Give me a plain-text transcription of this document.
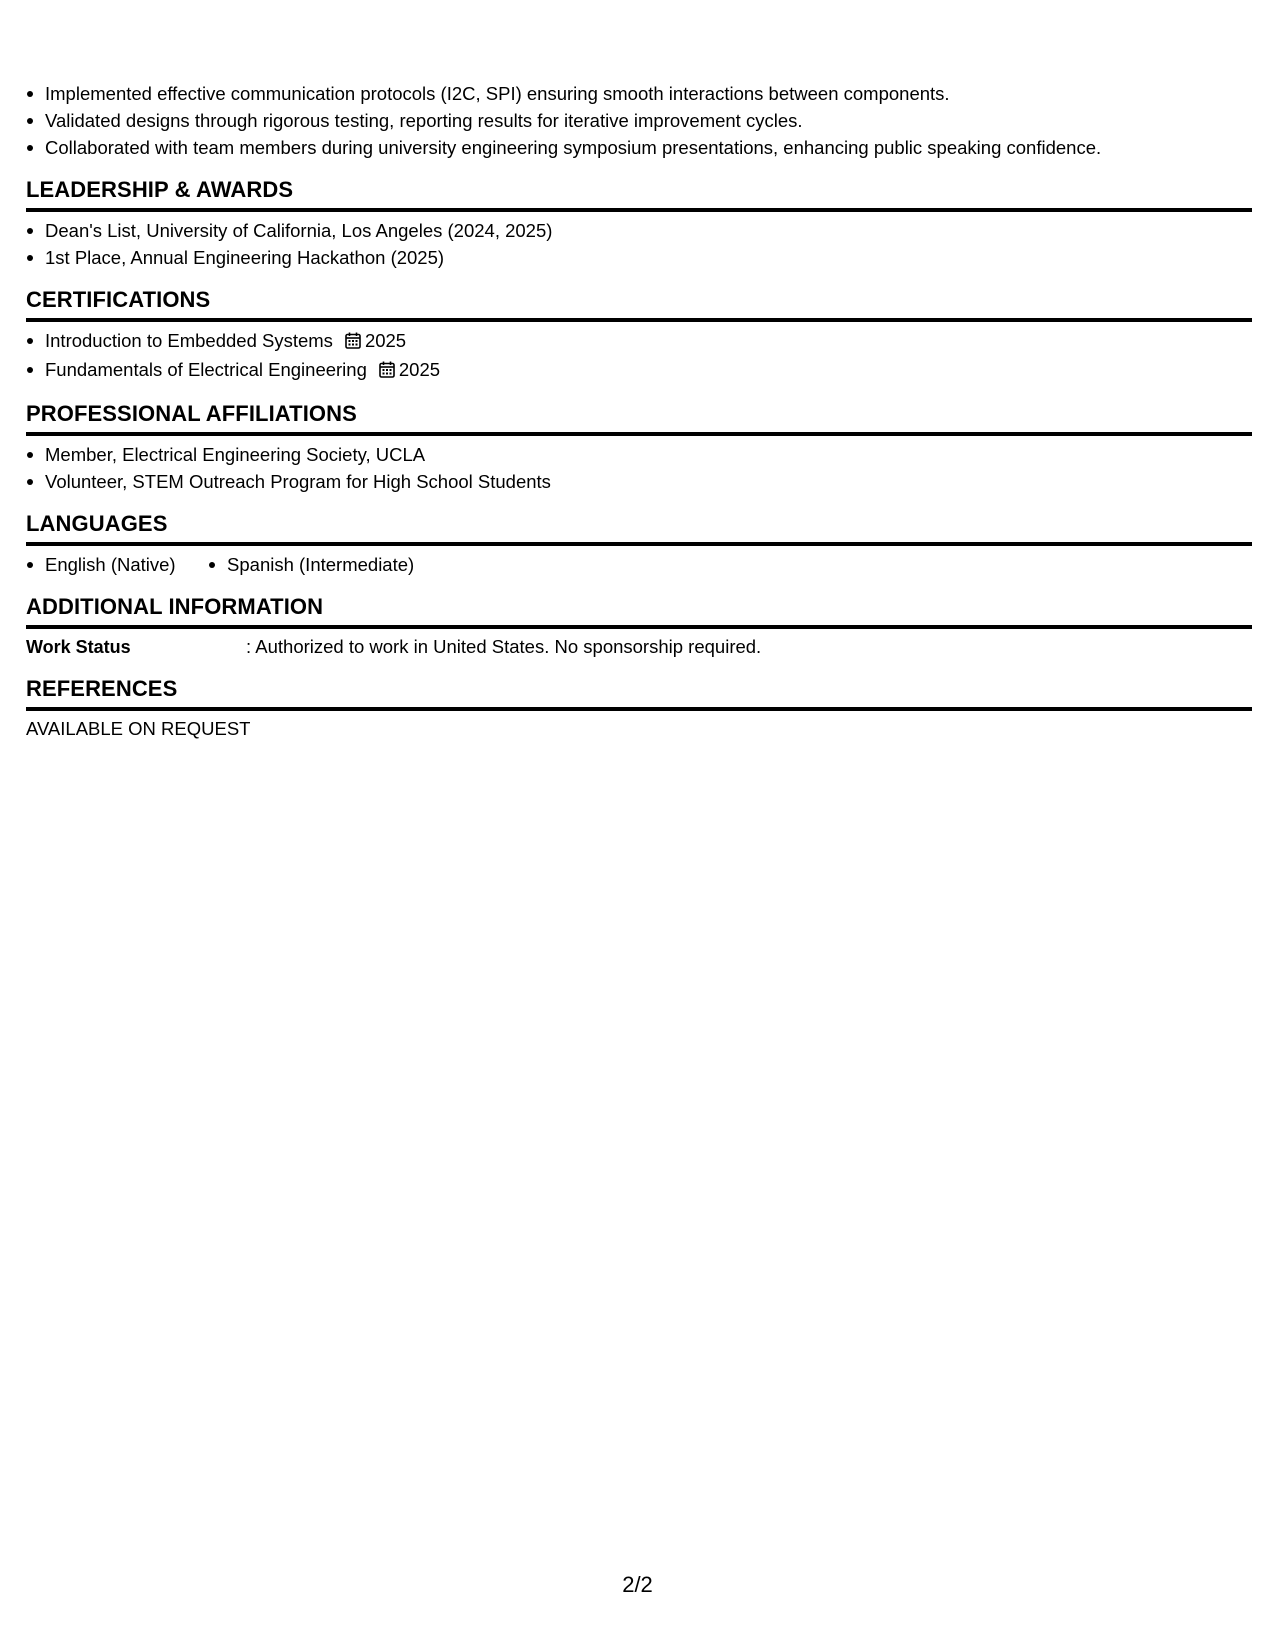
Implemented effective communication protocols (I2C, SPI) ensuring smooth interactions between components.
Validated designs through rigorous testing, reporting results for iterative improvement cycles.
Collaborated with team members during university engineering symposium presentations, enhancing public speaking confidence.
LEADERSHIP & AWARDS
Dean's List, University of California, Los Angeles (2024, 2025)
1st Place, Annual Engineering Hackathon (2025)
CERTIFICATIONS
Introduction to Embedded Systems 2025
Fundamentals of Electrical Engineering 2025
PROFESSIONAL AFFILIATIONS
Member, Electrical Engineering Society, UCLA
Volunteer, STEM Outreach Program for High School Students
LANGUAGES
English (Native)	Spanish (Intermediate)
ADDITIONAL INFORMATION
Work Status	: Authorized to work in United States. No sponsorship required.
REFERENCES
AVAILABLE ON REQUEST
2/2
